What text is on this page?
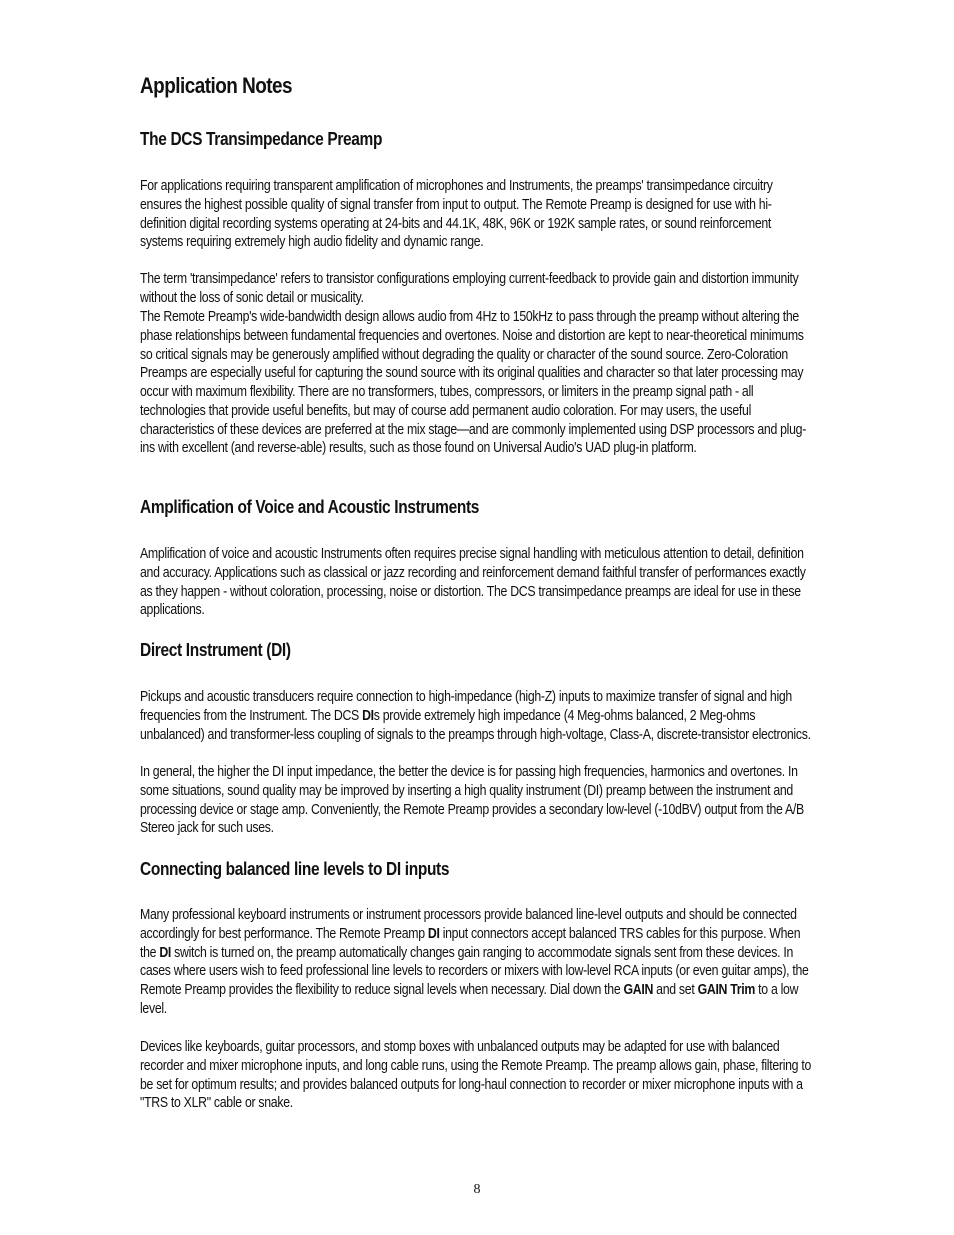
Application Notes
The DCS Transimpedance Preamp

For applications requiring transparent amplification of microphones and Instruments, the preamps' transimpedance circuitry ensures the highest possible quality of signal transfer from input to output. The Remote Preamp is designed for use with hi-definition digital recording systems operating at 24-bits and 44.1K, 48K, 96K or 192K sample rates, or sound reinforcement systems requiring extremely high audio fidelity and dynamic range.

The term 'transimpedance' refers to transistor configurations employing current-feedback to provide gain and distortion immunity without the loss of sonic detail or musicality.

The Remote Preamp's wide-bandwidth design allows audio from 4Hz to 150kHz to pass through the preamp without altering the phase relationships between fundamental frequencies and overtones. Noise and distortion are kept to near-theoretical minimums so critical signals may be generously amplified without degrading the quality or character of the sound source. Zero-Coloration Preamps are especially useful for capturing the sound source with its original qualities and character so that later processing may occur with maximum flexibility. There are no transformers, tubes, compressors, or limiters in the preamp signal path - all technologies that provide useful benefits, but may of course add permanent audio coloration. For may users, the useful characteristics of these devices are preferred at the mix stage—and are commonly implemented using DSP processors and plug-ins with excellent (and reverse-able) results, such as those found on Universal Audio's UAD plug-in platform.

Amplification of Voice and Acoustic Instruments

Amplification of voice and acoustic Instruments often requires precise signal handling with meticulous attention to detail, definition and accuracy. Applications such as classical or jazz recording and reinforcement demand faithful transfer of performances exactly as they happen - without coloration, processing, noise or distortion. The DCS transimpedance preamps are ideal for use in these applications.

Direct Instrument (DI)

Pickups and acoustic transducers require connection to high-impedance (high-Z) inputs to maximize transfer of signal and high frequencies from the Instrument. The DCS DIs provide extremely high impedance (4 Meg-ohms balanced, 2 Meg-ohms unbalanced) and transformer-less coupling of signals to the preamps through high-voltage, Class-A, discrete-transistor electronics.

In general, the higher the DI input impedance, the better the device is for passing high frequencies, harmonics and overtones. In some situations, sound quality may be improved by inserting a high quality instrument (DI) preamp between the instrument and processing device or stage amp. Conveniently, the Remote Preamp provides a secondary low-level (-10dBV) output from the A/B Stereo jack for such uses.

Connecting balanced line levels to DI inputs

Many professional keyboard instruments or instrument processors provide balanced line-level outputs and should be connected accordingly for best performance. The Remote Preamp DI input connectors accept balanced TRS cables for this purpose. When the DI switch is turned on, the preamp automatically changes gain ranging to accommodate signals sent from these devices. In cases where users wish to feed professional line levels to recorders or mixers with low-level RCA inputs (or even guitar amps), the Remote Preamp provides the flexibility to reduce signal levels when necessary. Dial down the GAIN and set GAIN Trim to a low level.

Devices like keyboards, guitar processors, and stomp boxes with unbalanced outputs may be adapted for use with balanced recorder and mixer microphone inputs, and long cable runs, using the Remote Preamp. The preamp allows gain, phase, filtering to be set for optimum results; and provides balanced outputs for long-haul connection to recorder or mixer microphone inputs with a "TRS to XLR" cable or snake.

8
